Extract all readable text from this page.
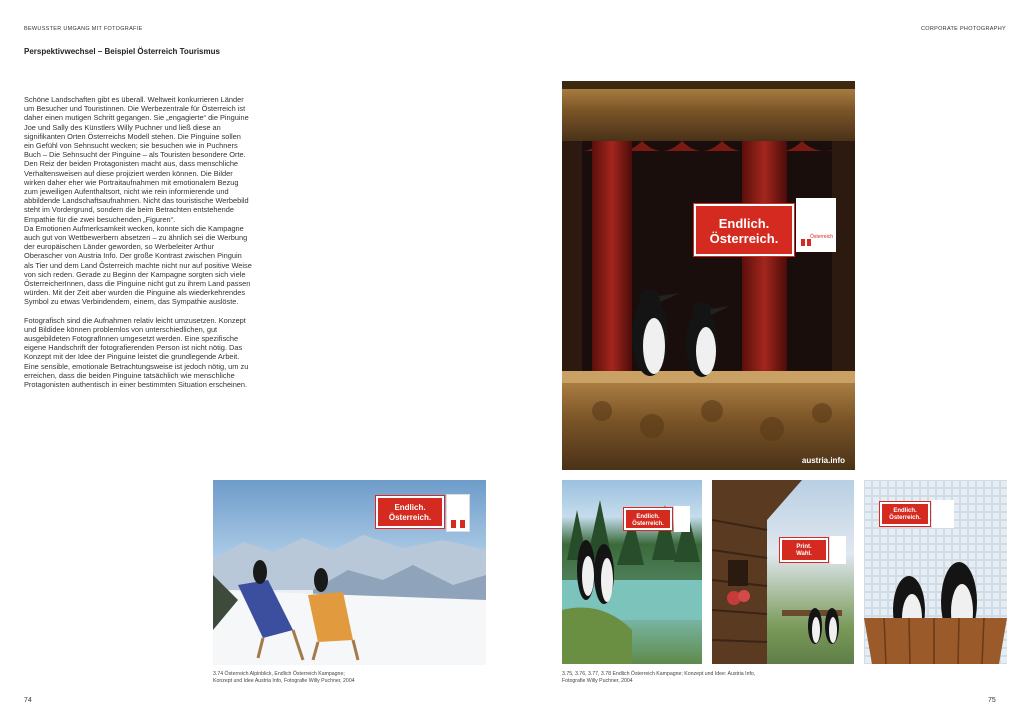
BEWUSSTER UMGANG MIT FOTOGRAFIE
Perspektivwechsel – Beispiel Österreich Tourismus

Schöne Landschaften gibt es überall. Weltweit konkurrieren Länder um Besucher und Touristinnen. Die Werbezentrale für Österreich ist daher einen mutigen Schritt gegangen. Sie „engagierte“ die Pinguine Joe und Sally des Künstlers Willy Puchner und ließ diese an signifikanten Orten Österreichs Modell stehen. Die Pinguine sollen ein Gefühl von Sehnsucht wecken; sie besuchen wie in Puchners Buch – Die Sehnsucht der Pinguine – als Touristen besondere Orte.

Den Reiz der beiden Protagonisten macht aus, dass menschliche Verhaltensweisen auf diese projiziert werden können. Die Bilder wirken daher eher wie Portraitaufnahmen mit emotionalem Bezug zum jeweiligen Aufenthaltsort, nicht wie rein informierende und abbildende Landschaftsaufnahmen. Nicht das touristische Werbebild steht im Vordergrund, sondern die beim Betrachten entstehende Empathie für die zwei besuchenden „Figuren“.

Da Emotionen Aufmerksamkeit wecken, konnte sich die Kampagne auch gut von Wettbewerbern absetzen – zu ähnlich sei die Werbung der europäischen Länder geworden, so Werbeleiter Arthur Oberascher von Austria Info. Der große Kontrast zwischen Pinguin als Tier und dem Land Österreich machte nicht nur auf positive Weise von sich reden. Gerade zu Beginn der Kampagne sorgten sich viele ÖsterreicherInnen, dass die Pinguine nicht gut zu ihrem Land passen würden. Mit der Zeit aber wurden die Pinguine als wiederkehrendes Symbol zu etwas Verbindendem, einem, das Sympathie auslöste.

Fotografisch sind die Aufnahmen relativ leicht umzusetzen. Konzept und Bildidee können problemlos von unterschiedlichen, gut ausgebildeten FotografInnen umgesetzt werden. Eine spezifische eigene Handschrift der fotografierenden Person ist nicht nötig. Das Konzept mit der Idee der Pinguine leistet die grundlegende Arbeit. Eine sensible, emotionale Betrachtungsweise ist jedoch nötig, um zu erreichen, dass die beiden Pinguine tatsächlich wie menschliche Protagonisten authentisch in einer bestimmten Situation erscheinen.

Endlich.
Österreich.

3.74 Österreich Alpinblick, Endlich Österreich Kampagne;
Konzept und Idee Austria Info, Fotografie Willy Puchner, 2004
74
CORPORATE PHOTOGRAPHY
Endlich.
Österreich.	Österreich
austria.info
Endlich.
Österreich.
Print.
Wahl.
Endlich.
Österreich.
3.75, 3.76, 3.77, 3.78 Endlich Österreich Kampagne; Konzept und Idee: Austria Info,
Fotografie Willy Puchner, 2004
75
